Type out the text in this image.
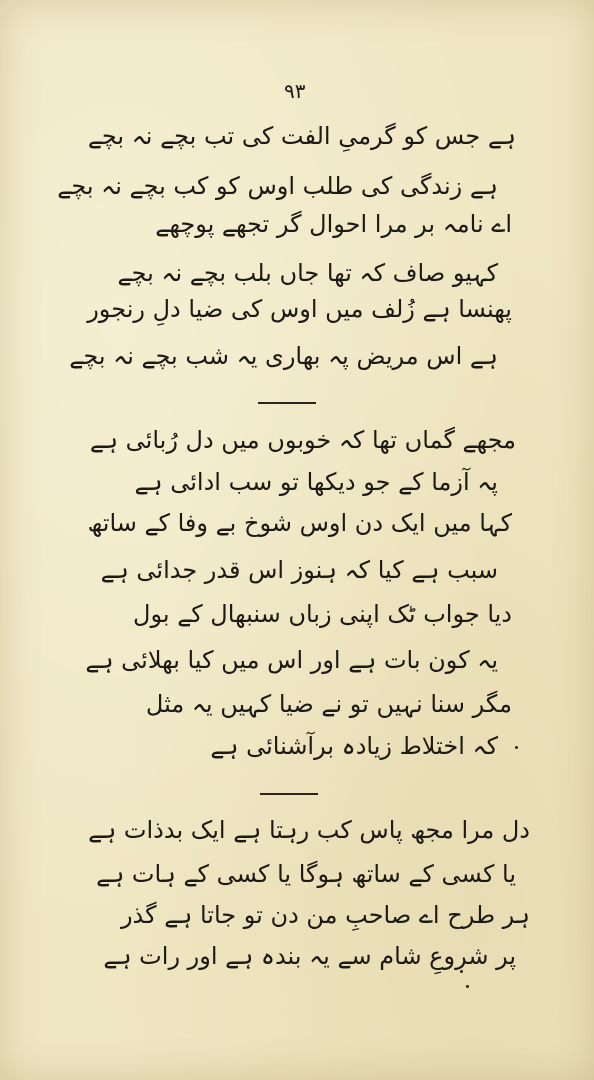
۹۳
ہے جس کو گرمیِ الفت کی تب بچے نہ بچے
ہے زندگی کی طلب اوس کو کب بچے نہ بچے
اے نامہ بر مرا احوال گر تجھے پوچھے
کہیو صاف کہ تھا جاں بلب بچے نہ بچے
پھنسا ہے زُلف میں اوس کی ضیا دلِ رنجور
ہے اس مریض پہ بھاری یہ شب بچے نہ بچے
مجھے گماں تھا کہ خوبوں میں دل رُبائی ہے
پہ آزما کے جو دیکھا تو سب ادائی ہے
کہا میں ایک دن اوس شوخ بے وفا کے ساتھ
سبب ہے کیا کہ ہنوز اس قدر جدائی ہے
دیا جواب ٹک اپنی زباں سنبھال کے بول
یہ کون بات ہے اور اس میں کیا بھلائی ہے
مگر سنا نہیں تو نے ضیا کہیں یہ مثل
کہ اختلاط زیادہ برآشنائی ہے
دل مرا مجھ پاس کب رہتا ہے ایک بدذات ہے
یا کسی کے ساتھ ہوگا یا کسی کے ہات ہے
ہر طرح اے صاحبِ من دن تو جاتا ہے گذر
پر شروعِ شام سے یہ بندہ ہے اور رات ہے
